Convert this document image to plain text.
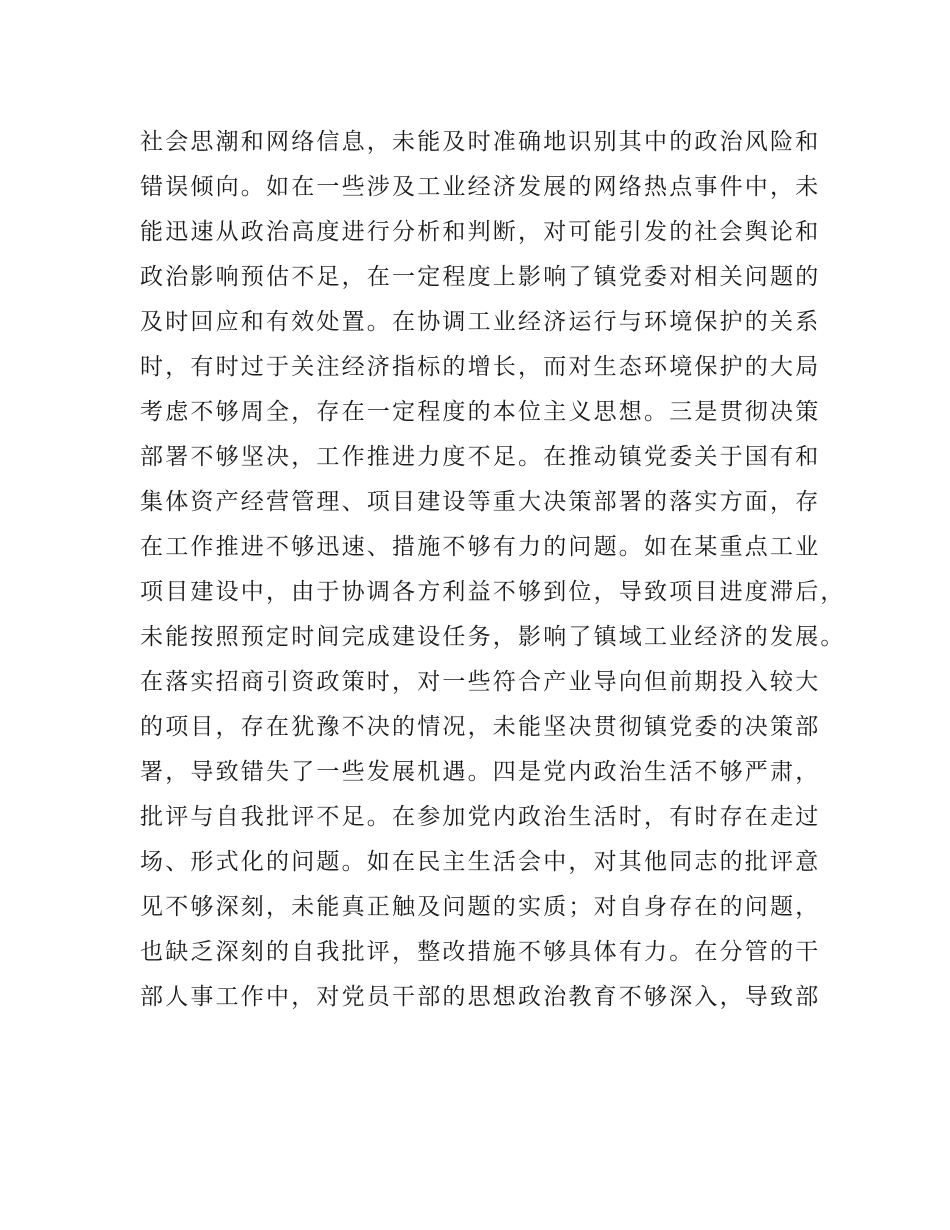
社会思潮和网络信息，未能及时准确地识别其中的政治风险和
错误倾向。如在一些涉及工业经济发展的网络热点事件中，未
能迅速从政治高度进行分析和判断，对可能引发的社会舆论和
政治影响预估不足，在一定程度上影响了镇党委对相关问题的
及时回应和有效处置。在协调工业经济运行与环境保护的关系
时，有时过于关注经济指标的增长，而对生态环境保护的大局
考虑不够周全，存在一定程度的本位主义思想。三是贯彻决策
部署不够坚决，工作推进力度不足。在推动镇党委关于国有和
集体资产经营管理、项目建设等重大决策部署的落实方面，存
在工作推进不够迅速、措施不够有力的问题。如在某重点工业
项目建设中，由于协调各方利益不够到位，导致项目进度滞后，
未能按照预定时间完成建设任务，影响了镇域工业经济的发展。
在落实招商引资政策时，对一些符合产业导向但前期投入较大
的项目，存在犹豫不决的情况，未能坚决贯彻镇党委的决策部
署，导致错失了一些发展机遇。四是党内政治生活不够严肃，
批评与自我批评不足。在参加党内政治生活时，有时存在走过
场、形式化的问题。如在民主生活会中，对其他同志的批评意
见不够深刻，未能真正触及问题的实质；对自身存在的问题，
也缺乏深刻的自我批评，整改措施不够具体有力。在分管的干
部人事工作中，对党员干部的思想政治教育不够深入，导致部
